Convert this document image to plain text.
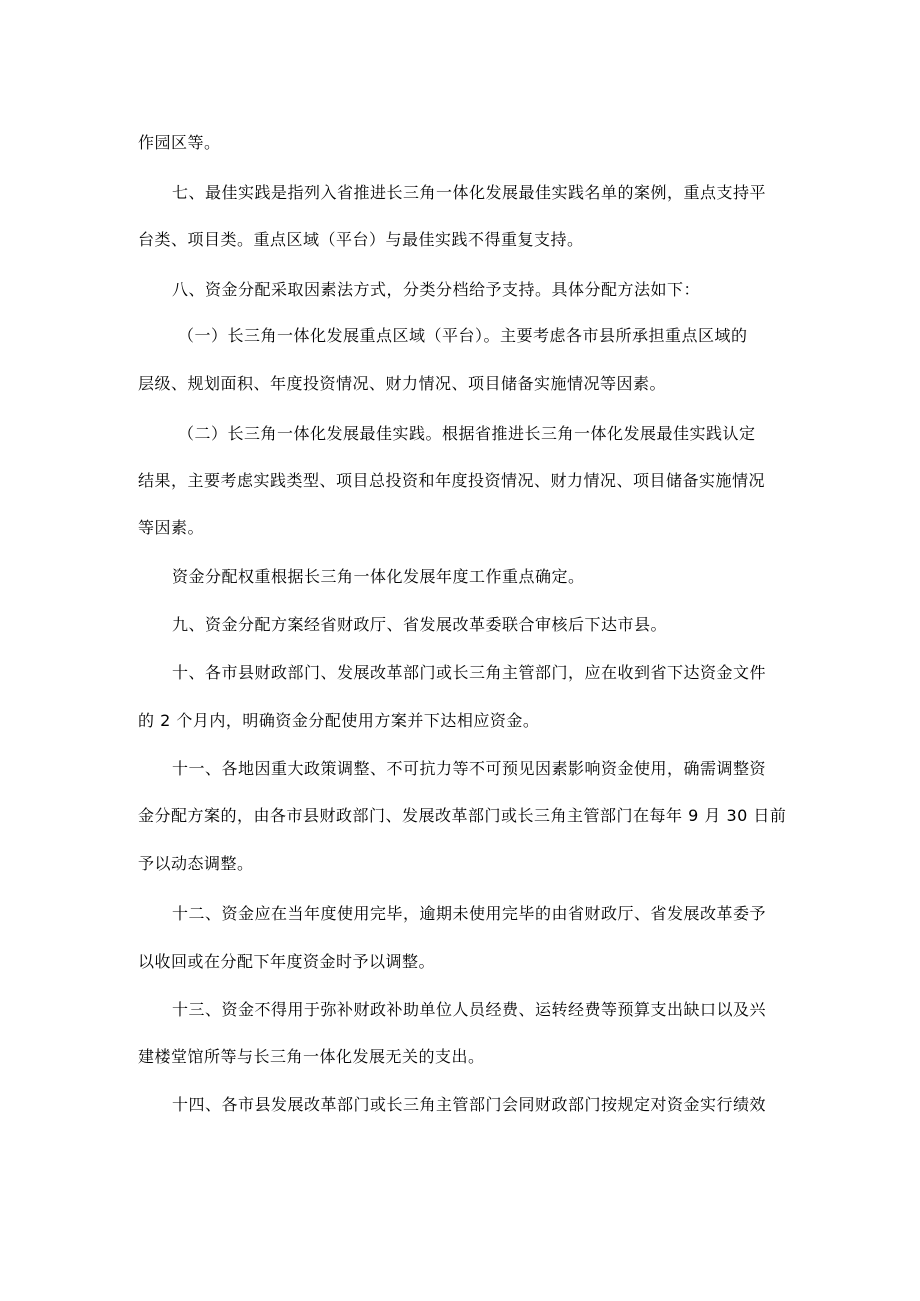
作园区等。
七、最佳实践是指列入省推进长三角一体化发展最佳实践名单的案例，重点支持平
台类、项目类。重点区域（平台）与最佳实践不得重复支持。
八、资金分配采取因素法方式，分类分档给予支持。具体分配方法如下：
（一）长三角一体化发展重点区域（平台）。主要考虑各市县所承担重点区域的
层级、规划面积、年度投资情况、财力情况、项目储备实施情况等因素。
（二）长三角一体化发展最佳实践。根据省推进长三角一体化发展最佳实践认定
结果，主要考虑实践类型、项目总投资和年度投资情况、财力情况、项目储备实施情况
等因素。
资金分配权重根据长三角一体化发展年度工作重点确定。
九、资金分配方案经省财政厅、省发展改革委联合审核后下达市县。
十、各市县财政部门、发展改革部门或长三角主管部门，应在收到省下达资金文件
的 2 个月内，明确资金分配使用方案并下达相应资金。
十一、各地因重大政策调整、不可抗力等不可预见因素影响资金使用，确需调整资
金分配方案的，由各市县财政部门、发展改革部门或长三角主管部门在每年 9 月 30 日前
予以动态调整。
十二、资金应在当年度使用完毕，逾期未使用完毕的由省财政厅、省发展改革委予
以收回或在分配下年度资金时予以调整。
十三、资金不得用于弥补财政补助单位人员经费、运转经费等预算支出缺口以及兴
建楼堂馆所等与长三角一体化发展无关的支出。
十四、各市县发展改革部门或长三角主管部门会同财政部门按规定对资金实行绩效
